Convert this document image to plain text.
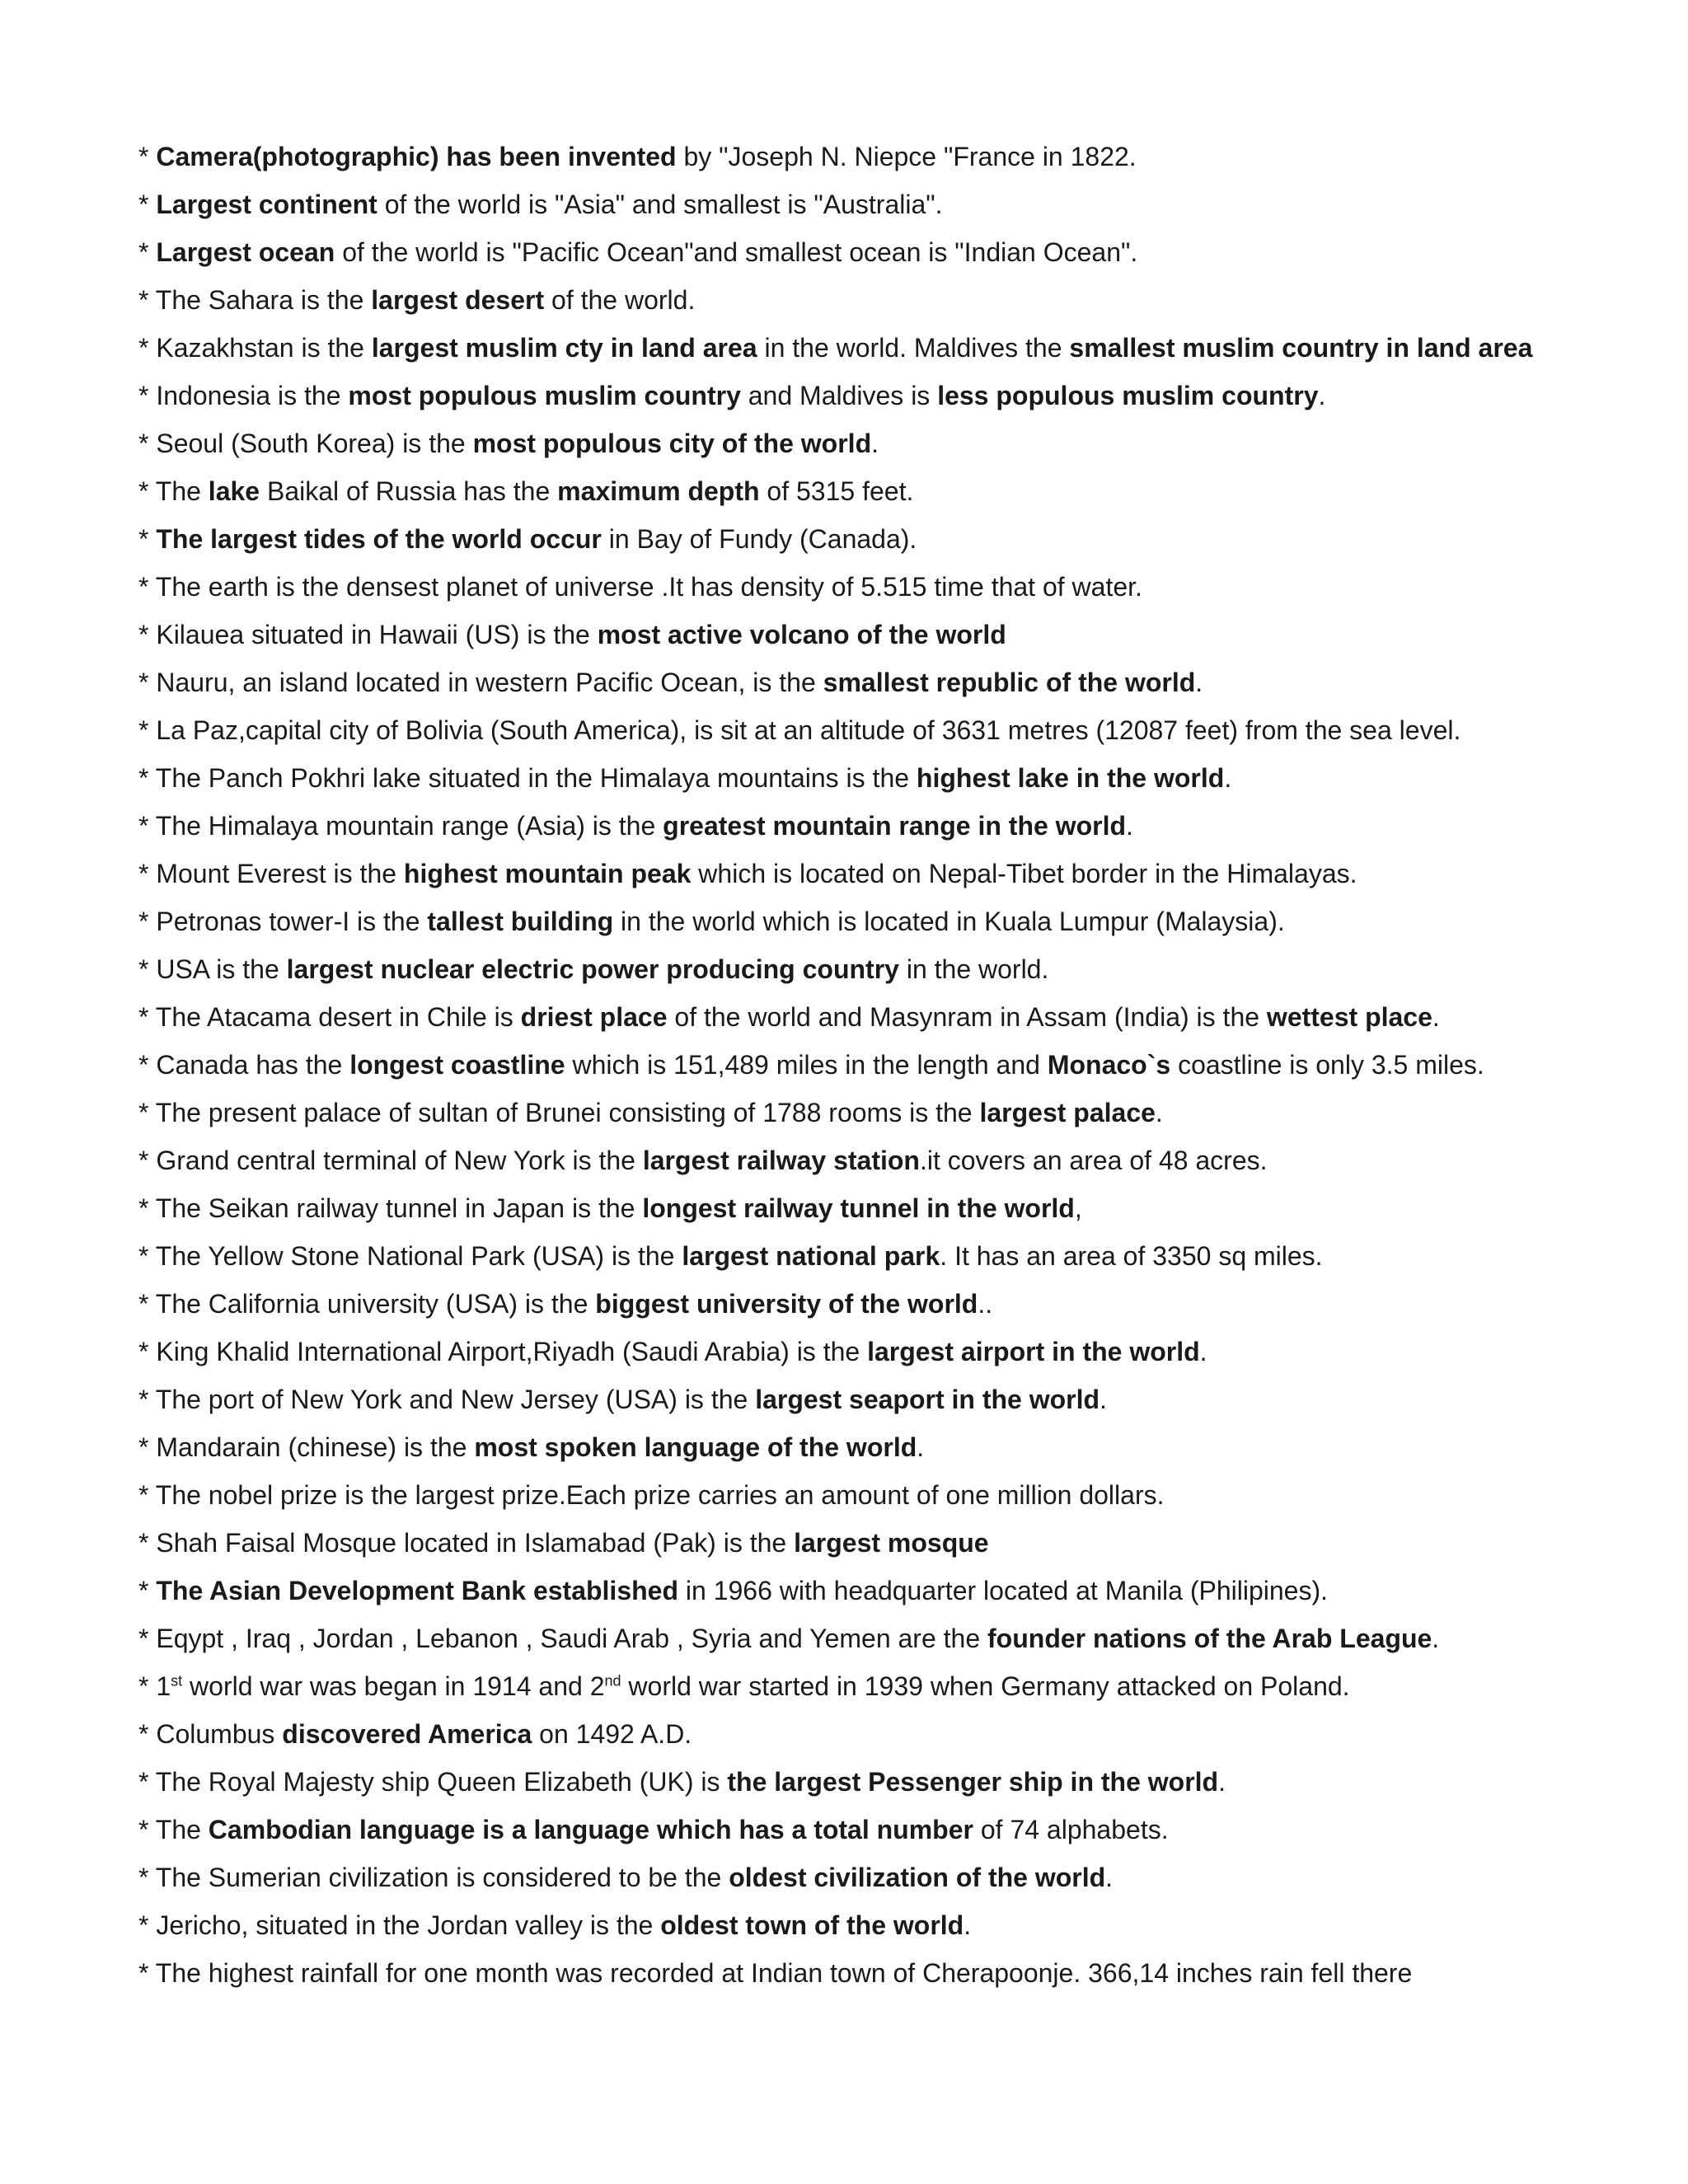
* Camera(photographic) has been invented by "Joseph N. Niepce "France in 1822.

* Largest continent of the world is "Asia" and smallest is "Australia".

* Largest ocean of the world is "Pacific Ocean"and smallest ocean is "Indian Ocean".

* The Sahara is the largest desert of the world.

* Kazakhstan is the largest muslim cty in land area in the world. Maldives the smallest muslim country in land area

* Indonesia is the most populous muslim country and Maldives is less populous muslim country.

* Seoul (South Korea) is the most populous city of the world.

* The lake Baikal of Russia has the maximum depth of 5315 feet.

* The largest tides of the world occur in Bay of Fundy (Canada).

* The earth is the densest planet of universe .It has density of 5.515 time that of water.

* Kilauea situated in Hawaii (US) is the most active volcano of the world

* Nauru, an island located in western Pacific Ocean, is the smallest republic of the world.

* La Paz,capital city of Bolivia (South America), is sit at an altitude of 3631 metres (12087 feet) from the sea level.

* The Panch Pokhri lake situated in the Himalaya mountains is the highest lake in the world.

* The Himalaya mountain range (Asia) is the greatest mountain range in the world.

* Mount Everest is the highest mountain peak which is located on Nepal-Tibet border in the Himalayas.

* Petronas tower-I is the tallest building in the world which is located in Kuala Lumpur (Malaysia).

* USA is the largest nuclear electric power producing country in the world.

* The Atacama desert in Chile is driest place of the world and Masynram in Assam (India) is the wettest place.

* Canada has the longest coastline which is 151,489 miles in the length and Monaco`s coastline is only 3.5 miles.

* The present palace of sultan of Brunei consisting of 1788 rooms is the largest palace.

* Grand central terminal of New York is the largest railway station.it covers an area of 48 acres.

* The Seikan railway tunnel in Japan is the longest railway tunnel in the world,

* The Yellow Stone National Park (USA) is the largest national park. It has an area of 3350 sq miles.

* The California university (USA) is the biggest university of the world..

* King Khalid International Airport,Riyadh (Saudi Arabia) is the largest airport in the world.

* The port of New York and New Jersey (USA) is the largest seaport in the world.

* Mandarain (chinese) is the most spoken language of the world.

* The nobel prize is the largest prize.Each prize carries an amount of one million dollars.

* Shah Faisal Mosque located in Islamabad (Pak) is the largest mosque

* The Asian Development Bank established in 1966 with headquarter located at Manila (Philipines).

* Eqypt , Iraq , Jordan , Lebanon , Saudi Arab , Syria and Yemen are the founder nations of the Arab League.

* 1st world war was began in 1914 and 2nd world war started in 1939 when Germany attacked on Poland.

* Columbus discovered America on 1492 A.D.

* The Royal Majesty ship Queen Elizabeth (UK) is the largest Pessenger ship in the world.

* The Cambodian language is a language which has a total number of 74 alphabets.

* The Sumerian civilization is considered to be the oldest civilization of the world.

* Jericho, situated in the Jordan valley is the oldest town of the world.

* The highest rainfall for one month was recorded at Indian town of Cherapoonje. 366,14 inches rain fell there
